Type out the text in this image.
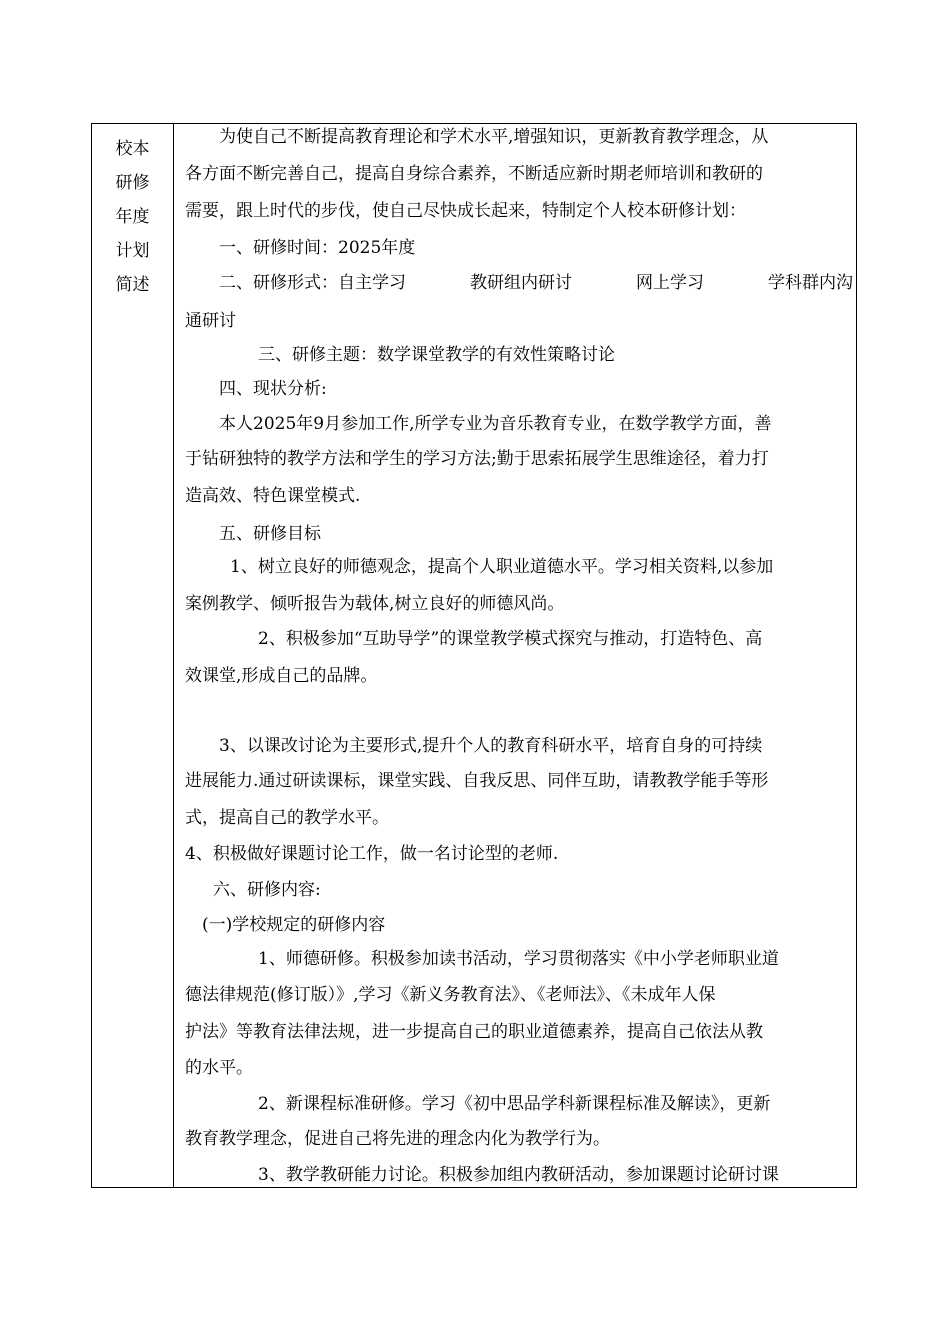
校本
研修
年度
计划
简述
为使自己不断提高教育理论和学术水平,增强知识，更新教育教学理念，从
各方面不断完善自己，提高自身综合素养，不断适应新时期老师培训和教研的
需要，跟上时代的步伐，使自己尽快成长起来，特制定个人校本研修计划：
一、研修时间：2025年度
二、研修形式：自主学习	教研组内研讨	网上学习	学科群内沟
通研讨
三、研修主题：数学课堂教学的有效性策略讨论
四、现状分析:
本人2025年9月参加工作,所学专业为音乐教育专业，在数学教学方面，善
于钻研独特的教学方法和学生的学习方法;勤于思索拓展学生思维途径，着力打
造高效、特色课堂模式.
五、研修目标
1、树立良好的师德观念，提高个人职业道德水平。学习相关资料,以参加
案例教学、倾听报告为载体,树立良好的师德风尚。
2、积极参加“互助导学”的课堂教学模式探究与推动，打造特色、高
效课堂,形成自己的品牌。
3、以课改讨论为主要形式,提升个人的教育科研水平，培育自身的可持续
进展能力.通过研读课标，课堂实践、自我反思、同伴互助，请教教学能手等形
式，提高自己的教学水平。
4、积极做好课题讨论工作，做一名讨论型的老师.
六、研修内容:
(一)学校规定的研修内容
1、师德研修。积极参加读书活动，学习贯彻落实《中小学老师职业道
德法律规范(修订版）》,学习《新义务教育法》、《老师法》、《未成年人保
护法》等教育法律法规，进一步提高自己的职业道德素养，提高自己依法从教
的水平。
2、新课程标准研修。学习《初中思品学科新课程标准及解读》，更新
教育教学理念，促进自己将先进的理念内化为教学行为。
3、教学教研能力讨论。积极参加组内教研活动，参加课题讨论研讨课
